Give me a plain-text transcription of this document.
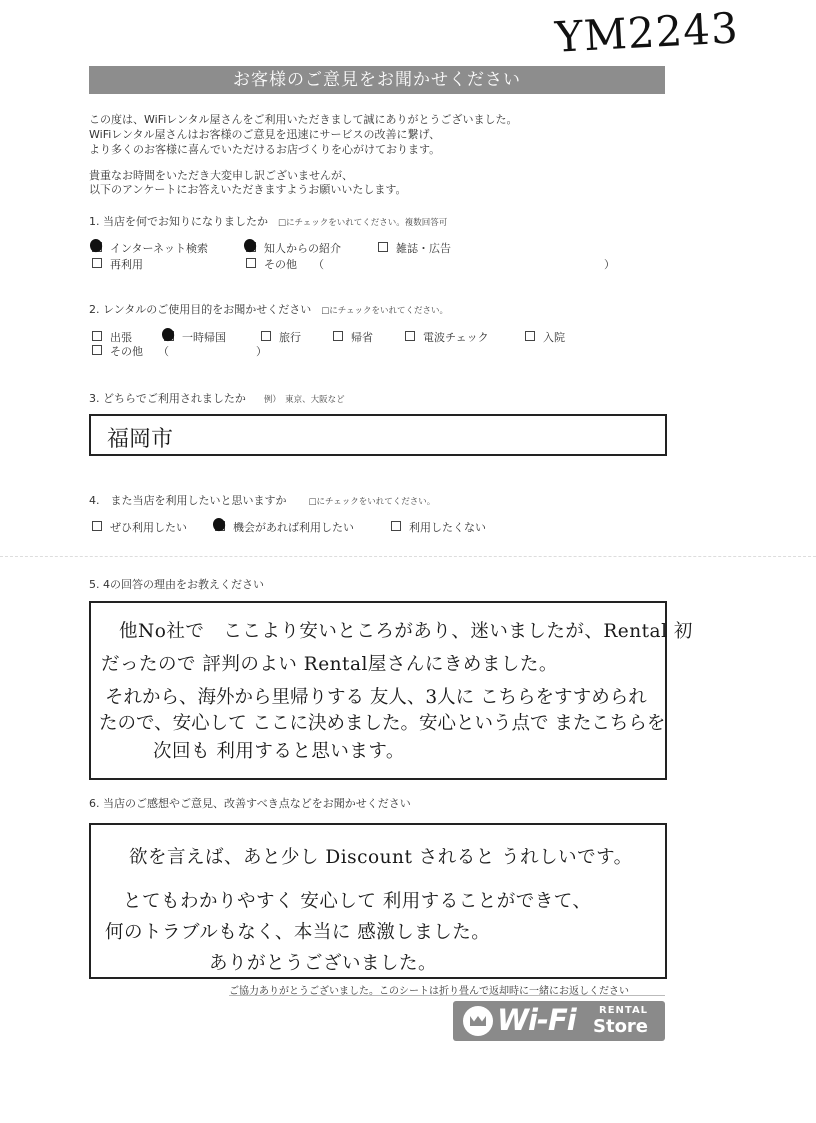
YM2243
お客様のご意見をお聞かせください
この度は、WiFiレンタル屋さんをご利用いただきまして誠にありがとうございました。
WiFiレンタル屋さんはお客様のご意見を迅速にサービスの改善に繋げ、
より多くのお客様に喜んでいただけるお店づくりを心がけております。
貴重なお時間をいただき大変申し訳ございませんが、
以下のアンケートにお答えいただきますようお願いいたします。
1. 当店を何でお知りになりましたか □にチェックをいれてください。複数回答可
インターネット検索	知人からの紹介	雑誌・広告
再利用	その他 （	）
2. レンタルのご使用目的をお聞かせください □にチェックをいれてください。
出張	一時帰国	旅行	帰省	電波チェック	入院
その他 （	）
3. どちらでご利用されましたか 例）　東京、大阪など
福岡市
4.　また当店を利用したいと思いますか	□にチェックをいれてください。
ぜひ利用したい	機会があれば利用したい	利用したくない
5. 4の回答の理由をお教えください
他No社で　ここより安いところがあり、迷いましたが、Rental 初
だったので 評判のよい Rental屋さんにきめました。
それから、海外から里帰りする 友人、3人に こちらをすすめられ
たので、安心して ここに決めました。安心という点で またこちらを
次回も 利用すると思います。
6. 当店のご感想やご意見、改善すべき点などをお聞かせください
欲を言えば、あと少し Discount されると うれしいです。
とてもわかりやすく 安心して 利用することができて、
何のトラブルもなく、本当に 感激しました。
ありがとうございました。
ご協力ありがとうございました。このシートは折り畳んで返却時に一緒にお返しください
Wi-Fi RENTAL
Store
